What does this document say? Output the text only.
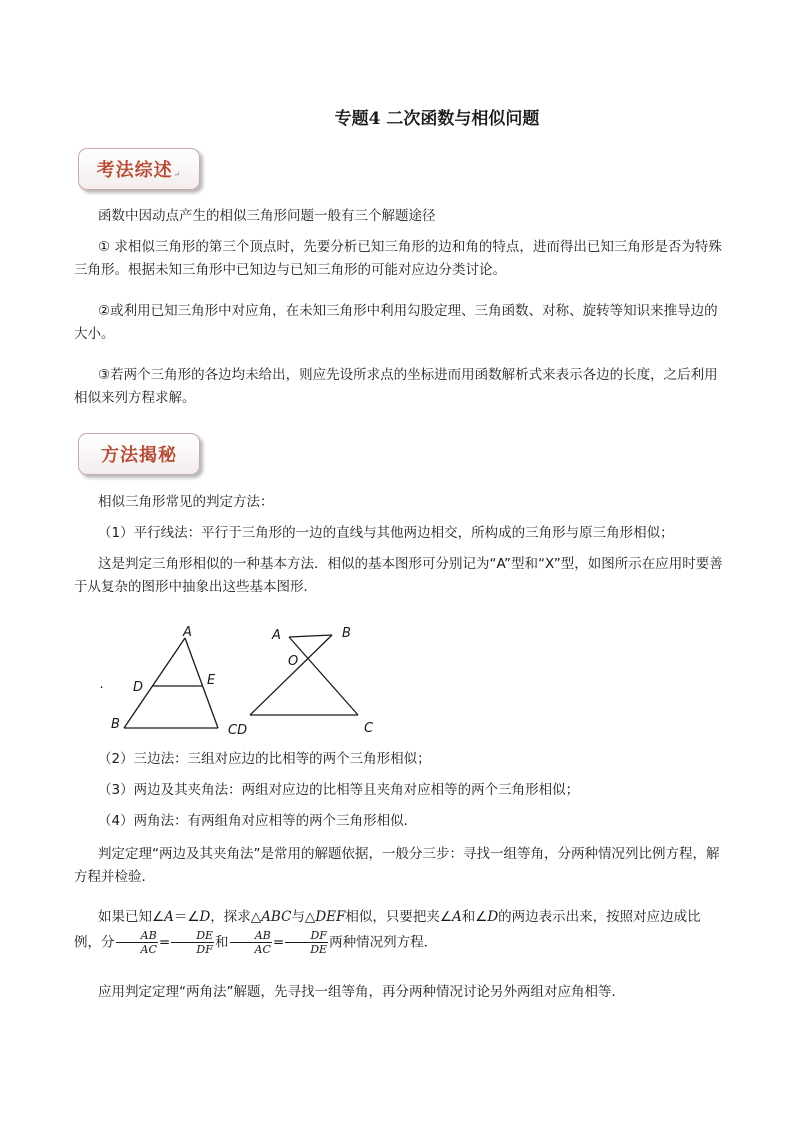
专题4 二次函数与相似问题
考法综述 ↵
函数中因动点产生的相似三角形问题一般有三个解题途径
① 求相似三角形的第三个顶点时，先要分析已知三角形的边和角的特点，进而得出已知三角形是否为特殊三角形。根据未知三角形中已知边与已知三角形的可能对应边分类讨论。
②或利用已知三角形中对应角，在未知三角形中利用勾股定理、三角函数、对称、旋转等知识来推导边的大小。
③若两个三角形的各边均未给出，则应先设所求点的坐标进而用函数解析式来表示各边的长度，之后利用相似来列方程求解。
方法揭秘
相似三角形常见的判定方法：
（1）平行线法：平行于三角形的一边的直线与其他两边相交，所构成的三角形与原三角形相似；
这是判定三角形相似的一种基本方法．相似的基本图形可分别记为“A”型和“X”型，如图所示在应用时要善于从复杂的图形中抽象出这些基本图形．
.
A
D	E
B	CD
A	B
O
C
（2）三边法：三组对应边的比相等的两个三角形相似；
（3）两边及其夹角法：两组对应边的比相等且夹角对应相等的两个三角形相似；
（4）两角法：有两组角对应相等的两个三角形相似．
判定定理“两边及其夹角法”是常用的解题依据，一般分三步：寻找一组等角，分两种情况列比例方程，解方程并检验．
如果已知∠A＝∠D，探求△ABC与△DEF相似，只要把夹∠A和∠D的两边表示出来，按照对应边成比例，分 $\frac{AB}{AC} = \frac{DE}{DF}$ 和 $\frac{AB}{AC} = \frac{DF}{DE}$ 两种情况列方程．
应用判定定理“两角法”解题，先寻找一组等角，再分两种情况讨论另外两组对应角相等．
